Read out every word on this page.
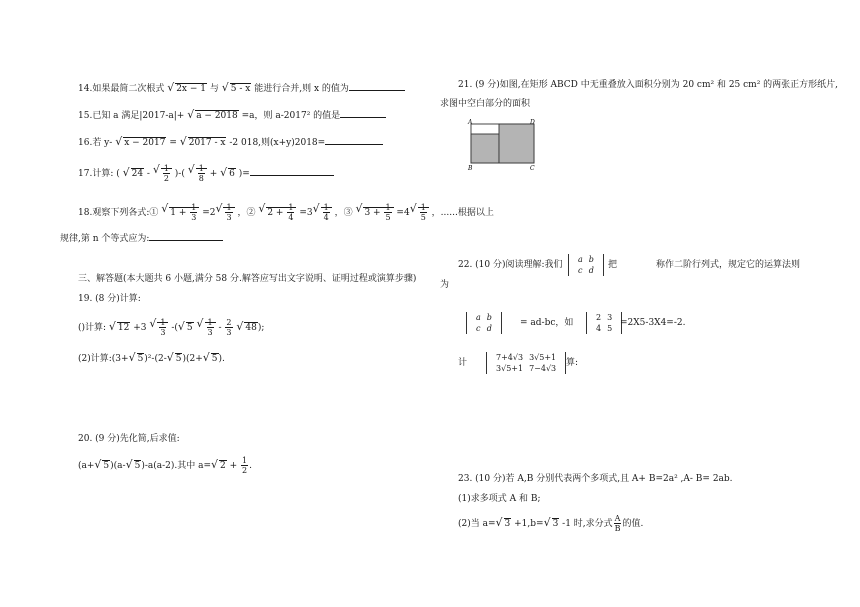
14.如果最简二次根式 √ 2x − 1 与 √ 5 - x 能进行合并,则 x 的值为
15.已知 a 满足|2017-a|+ √ a − 2018 =a，则 a-2017² 的值是
16.若 y- √ x − 2017 = √ 2017 - x -2 018,则(x+y)2018=
17.计算: ( √ 24 - √ $\frac{1}{2}$ )-( √ $\frac{1}{8}$ + √ 6 )=
18.观察下列各式:① √ $1 + \frac{1}{3} =2$ √ $\frac{1}{3}$ ，② √ $2 + \frac{1}{4} =3$ √ $\frac{1}{4}$ ，③ √ $3 + \frac{1}{5} =4$ √ $\frac{1}{5}$ ，......根据以上
规律,第 n 个等式应为:
三、解答题(本大题共 6 小题,满分 58 分.解答应写出文字说明、证明过程或演算步骤)
19. (8 分)计算:
()计算: √ 12 +3 √ $\frac{1}{3}$ -( √ 5 √ $\frac{1}{3} - \frac{2}{3}$ √ 48);
(2)计算:(3+ √ 5)²-(2- √ 5)(2+ √ 5).
20. (9 分)先化简,后求值:
(a+ √ 5)(a- √ 5)-a(a-2).其中 a= √ $2 + \frac{1}{2}$ .
21. (9 分)如图,在矩形 ABCD 中无重叠放入面积分别为 20 cm² 和 25 cm² 的两张正方形纸片,
求图中空白部分的面积
A	D
B	C
22. (10 分)阅读理解:我们
a	b
c	d
把	称作二阶行列式，规定它的运算法则
为
a	b
c	d
= ad-bc，如
2	3
4	5
=2X5-3X4=-2.
计
7+4√3	3√5+1
3√5+1	7−4√3
算:
23. (10 分)若 A,B 分别代表两个多项式,且 A+ B=2a² ,A- B= 2ab.
(1)求多项式 A 和 B;
(2)当 a= √ 3 +1,b= √ 3 -1 时,求分式 $\frac{A}{B}$ 的值.
